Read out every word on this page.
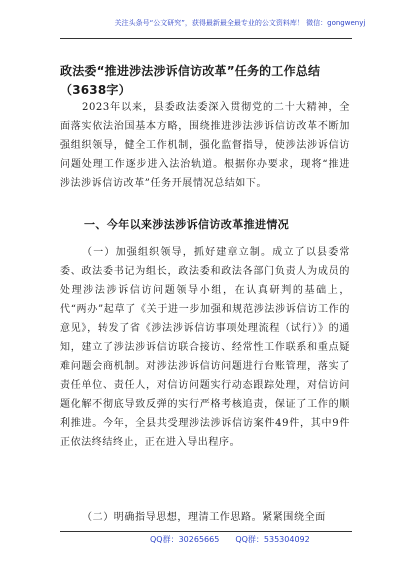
关注头条号“公文研究”，获得最新最全最专业的公文资料库！ 微信：gongwenyj
政法委“推进涉法涉诉信访改革”任务的工作总结（3638字）
2023年以来，县委政法委深入贯彻党的二十大精神，全面落实依法治国基本方略，围绕推进涉法涉诉信访改革不断加强组织领导，健全工作机制，强化监督指导，使涉法涉诉信访问题处理工作逐步进入法治轨道。根据你办要求，现将“推进涉法涉诉信访改革”任务开展情况总结如下。
一、今年以来涉法涉诉信访改革推进情况
（一）加强组织领导，抓好建章立制。成立了以县委常委、政法委书记为组长，政法委和政法各部门负责人为成员的处理涉法涉诉信访问题领导小组，在认真研判的基础上，代“两办”起草了《关于进一步加强和规范涉法涉诉信访工作的意见》，转发了省《涉法涉诉信访事项处理流程（试行）》的通知，建立了涉法涉诉信访联合接访、经常性工作联系和重点疑难问题会商机制。对涉法涉诉信访问题进行台账管理，落实了责任单位、责任人，对信访问题实行动态跟踪处理，对信访问题化解不彻底导致反弹的实行严格考核追责，保证了工作的顺利推进。今年，全县共受理涉法涉诉信访案件49件，其中9件正依法终结终止，正在进入导出程序。
（二）明确指导思想，理清工作思路。紧紧围绕全面
QQ群：30265665 QQ群：535304092
